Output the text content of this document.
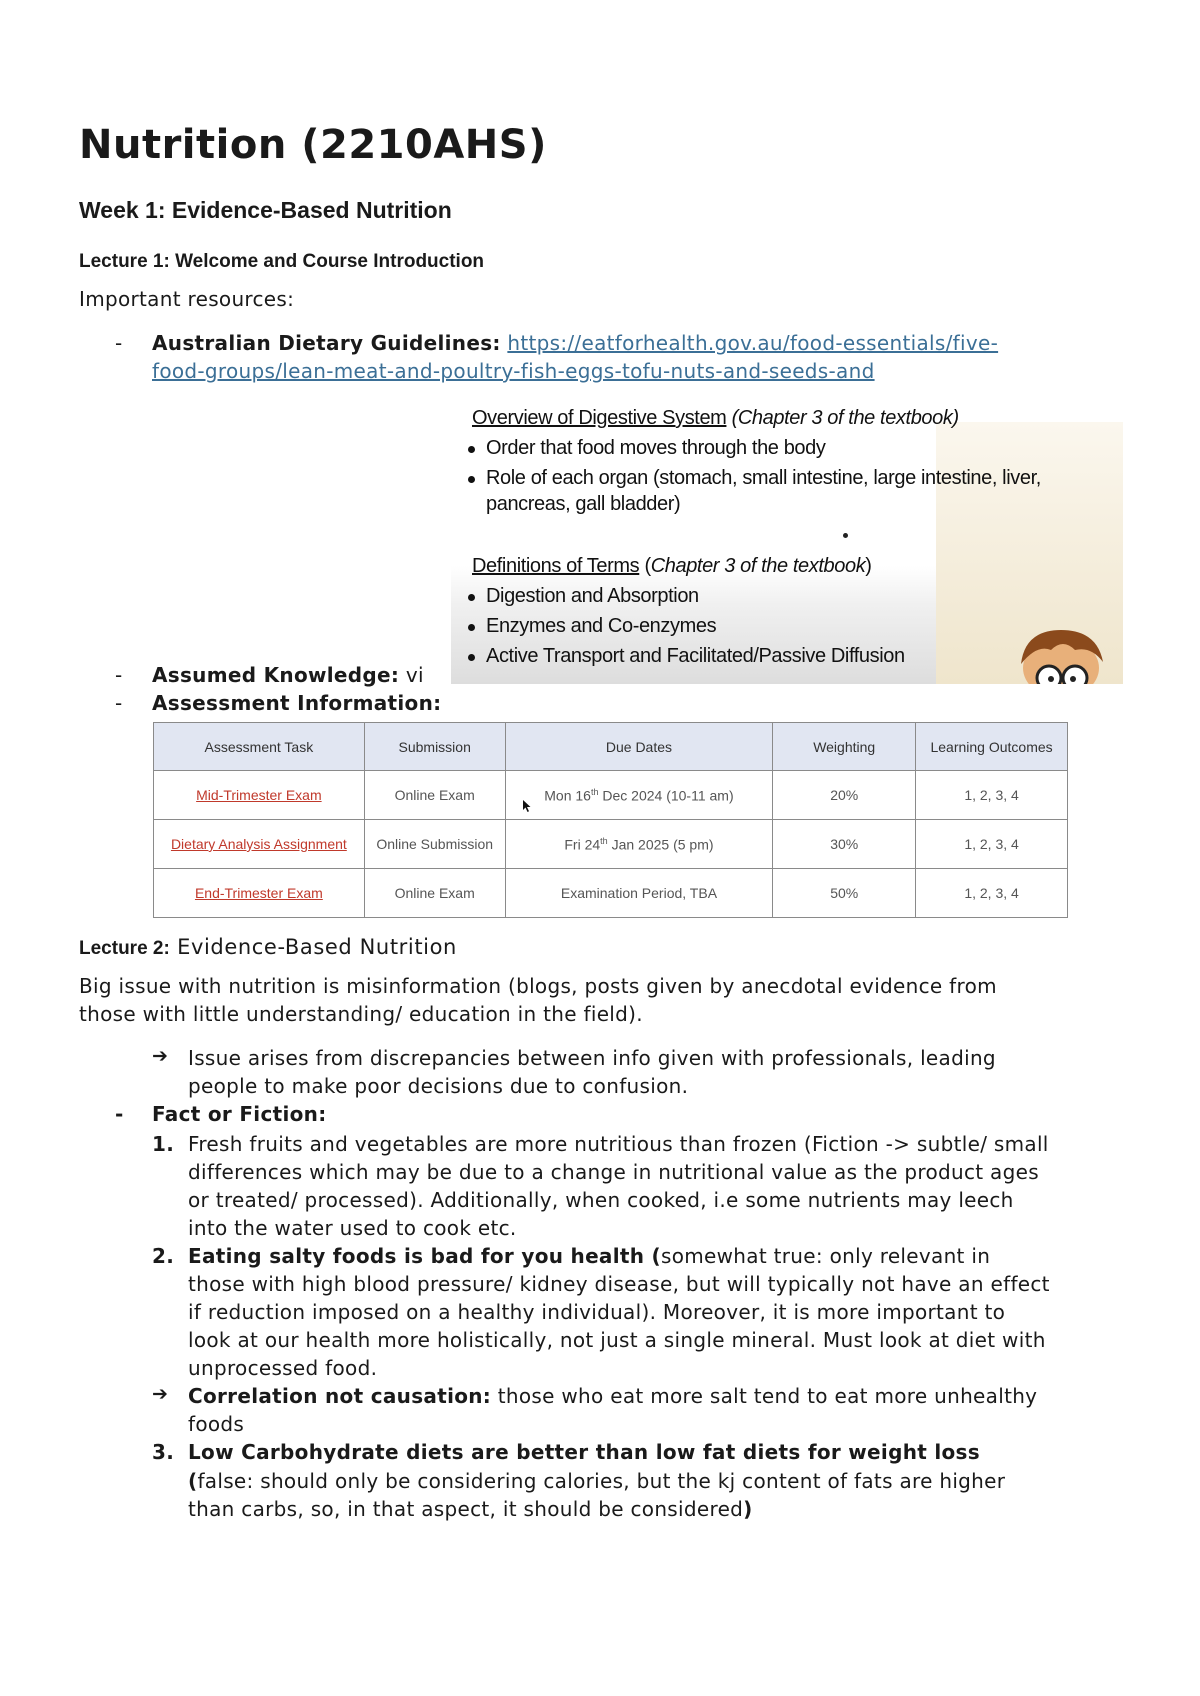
Nutrition (2210AHS)
Week 1: Evidence-Based Nutrition
Lecture 1: Welcome and Course Introduction
Important resources:
- Australian Dietary Guidelines: https://eatforhealth.gov.au/food-essentials/five-
food-groups/lean-meat-and-poultry-fish-eggs-tofu-nuts-and-seeds-and
Overview of Digestive System (Chapter 3 of the textbook)
Order that food moves through the body
Role of each organ (stomach, small intestine, large intestine, liver,
pancreas, gall bladder)
Definitions of Terms (Chapter 3 of the textbook)
Digestion and Absorption
Enzymes and Co-enzymes
Active Transport and Facilitated/Passive Diffusion
- Assumed Knowledge: vi
- Assessment Information:
Assessment Task	Submission	Due Dates	Weighting	Learning Outcomes
Mid-Trimester Exam	Online Exam	Mon 16th Dec 2024 (10-11 am)	20%	1, 2, 3, 4
Dietary Analysis Assignment	Online Submission	Fri 24th Jan 2025 (5 pm)	30%	1, 2, 3, 4
End-Trimester Exam	Online Exam	Examination Period, TBA	50%	1, 2, 3, 4
Lecture 2: Evidence-Based Nutrition
Big issue with nutrition is misinformation (blogs, posts given by anecdotal evidence from
those with little understanding/ education in the field).
➔ Issue arises from discrepancies between info given with professionals, leading
people to make poor decisions due to confusion.
- Fact or Fiction:
1. Fresh fruits and vegetables are more nutritious than frozen (Fiction -> subtle/ small
differences which may be due to a change in nutritional value as the product ages
or treated/ processed). Additionally, when cooked, i.e some nutrients may leech
into the water used to cook etc.
2. Eating salty foods is bad for you health (somewhat true: only relevant in
those with high blood pressure/ kidney disease, but will typically not have an effect
if reduction imposed on a healthy individual). Moreover, it is more important to
look at our health more holistically, not just a single mineral. Must look at diet with
unprocessed food.
➔ Correlation not causation: those who eat more salt tend to eat more unhealthy
foods
3. Low Carbohydrate diets are better than low fat diets for weight loss
(false: should only be considering calories, but the kj content of fats are higher
than carbs, so, in that aspect, it should be considered)
